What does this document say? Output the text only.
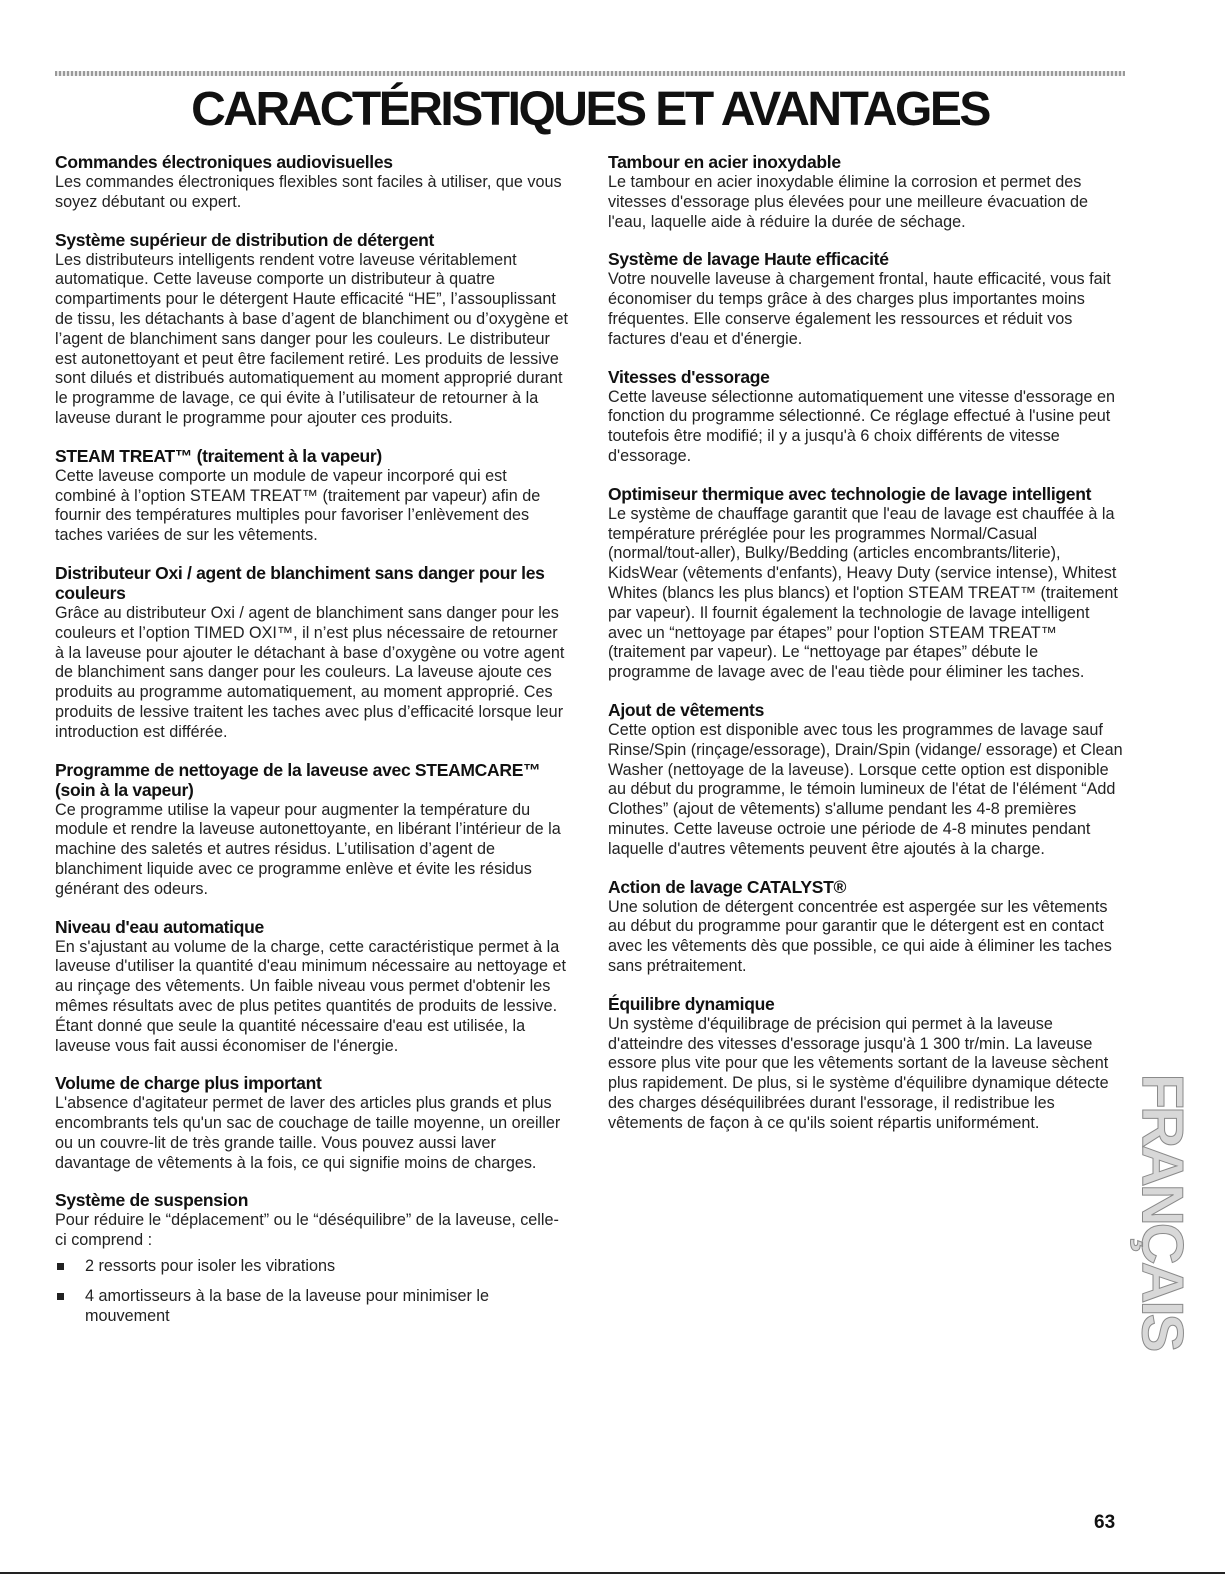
CARACTÉRISTIQUES ET AVANTAGES
Commandes électroniques audiovisuelles

Les commandes électroniques flexibles sont faciles à utiliser, que vous soyez débutant ou expert.

Système supérieur de distribution de détergent

Les distributeurs intelligents rendent votre laveuse véritablement automatique. Cette laveuse comporte un distributeur à quatre compartiments pour le détergent Haute efficacité “HE”, l’assouplissant de tissu, les détachants à base d’agent de blanchiment ou d’oxygène et l’agent de blanchiment sans danger pour les couleurs. Le distributeur est autonettoyant et peut être facilement retiré. Les produits de lessive sont dilués et distribués automatiquement au moment approprié durant le programme de lavage, ce qui évite à l’utilisateur de retourner à la laveuse durant le programme pour ajouter ces produits.

STEAM TREAT™ (traitement à la vapeur)

Cette laveuse comporte un module de vapeur incorporé qui est combiné à l’option STEAM TREAT™ (traitement par vapeur) afin de fournir des températures multiples pour favoriser l’enlèvement des taches variées de sur les vêtements.

Distributeur Oxi / agent de blanchiment sans danger pour les couleurs

Grâce au distributeur Oxi / agent de blanchiment sans danger pour les couleurs et l’option TIMED OXI™, il n’est plus nécessaire de retourner à la laveuse pour ajouter le détachant à base d’oxygène ou votre agent de blanchiment sans danger pour les couleurs. La laveuse ajoute ces produits au programme automatiquement, au moment approprié. Ces produits de lessive traitent les taches avec plus d’efficacité lorsque leur introduction est différée.

Programme de nettoyage de la laveuse avec STEAMCARE™ (soin à la vapeur)

Ce programme utilise la vapeur pour augmenter la température du module et rendre la laveuse autonettoyante, en libérant l’intérieur de la machine des saletés et autres résidus. L’utilisation d’agent de blanchiment liquide avec ce programme enlève et évite les résidus générant des odeurs.

Niveau d'eau automatique

En s'ajustant au volume de la charge, cette caractéristique permet à la laveuse d'utiliser la quantité d'eau minimum nécessaire au nettoyage et au rinçage des vêtements. Un faible niveau vous permet d'obtenir les mêmes résultats avec de plus petites quantités de produits de lessive. Étant donné que seule la quantité nécessaire d'eau est utilisée, la laveuse vous fait aussi économiser de l'énergie.

Volume de charge plus important

L'absence d'agitateur permet de laver des articles plus grands et plus encombrants tels qu'un sac de couchage de taille moyenne, un oreiller ou un couvre-lit de très grande taille. Vous pouvez aussi laver davantage de vêtements à la fois, ce qui signifie moins de charges.

Système de suspension

Pour réduire le “déplacement” ou le “déséquilibre” de la laveuse, celle-ci comprend :

2 ressorts pour isoler les vibrations
4 amortisseurs à la base de la laveuse pour minimiser le mouvement
Tambour en acier inoxydable

Le tambour en acier inoxydable élimine la corrosion et permet des vitesses d'essorage plus élevées pour une meilleure évacuation de l'eau, laquelle aide à réduire la durée de séchage.

Système de lavage Haute efficacité

Votre nouvelle laveuse à chargement frontal, haute efficacité, vous fait économiser du temps grâce à des charges plus importantes moins fréquentes. Elle conserve également les ressources et réduit vos factures d'eau et d'énergie.

Vitesses d'essorage

Cette laveuse sélectionne automatiquement une vitesse d'essorage en fonction du programme sélectionné. Ce réglage effectué à l'usine peut toutefois être modifié; il y a jusqu'à 6 choix différents de vitesse d'essorage.

Optimiseur thermique avec technologie de lavage intelligent

Le système de chauffage garantit que l'eau de lavage est chauffée à la température préréglée pour les programmes Normal/Casual (normal/tout-aller), Bulky/Bedding (articles encombrants/literie), KidsWear (vêtements d'enfants), Heavy Duty (service intense), Whitest Whites (blancs les plus blancs) et l'option STEAM TREAT™ (traitement par vapeur). Il fournit également la technologie de lavage intelligent avec un “nettoyage par étapes” pour l'option STEAM TREAT™ (traitement par vapeur). Le “nettoyage par étapes” débute le programme de lavage avec de l'eau tiède pour éliminer les taches.

Ajout de vêtements

Cette option est disponible avec tous les programmes de lavage sauf Rinse/Spin (rinçage/essorage), Drain/Spin (vidange/ essorage) et Clean Washer (nettoyage de la laveuse). Lorsque cette option est disponible au début du programme, le témoin lumineux de l'état de l'élément “Add Clothes” (ajout de vêtements) s'allume pendant les 4-8 premières minutes. Cette laveuse octroie une période de 4-8 minutes pendant laquelle d'autres vêtements peuvent être ajoutés à la charge.

Action de lavage CATALYST®

Une solution de détergent concentrée est aspergée sur les vêtements au début du programme pour garantir que le détergent est en contact avec les vêtements dès que possible, ce qui aide à éliminer les taches sans prétraitement.

Équilibre dynamique

Un système d'équilibrage de précision qui permet à la laveuse d'atteindre des vitesses d'essorage jusqu'à 1 300 tr/min. La laveuse essore plus vite pour que les vêtements sortant de la laveuse sèchent plus rapidement. De plus, si le système d'équilibre dynamique détecte des charges déséquilibrées durant l'essorage, il redistribue les vêtements de façon à ce qu'ils soient répartis uniformément.	FRANÇAIS
63
